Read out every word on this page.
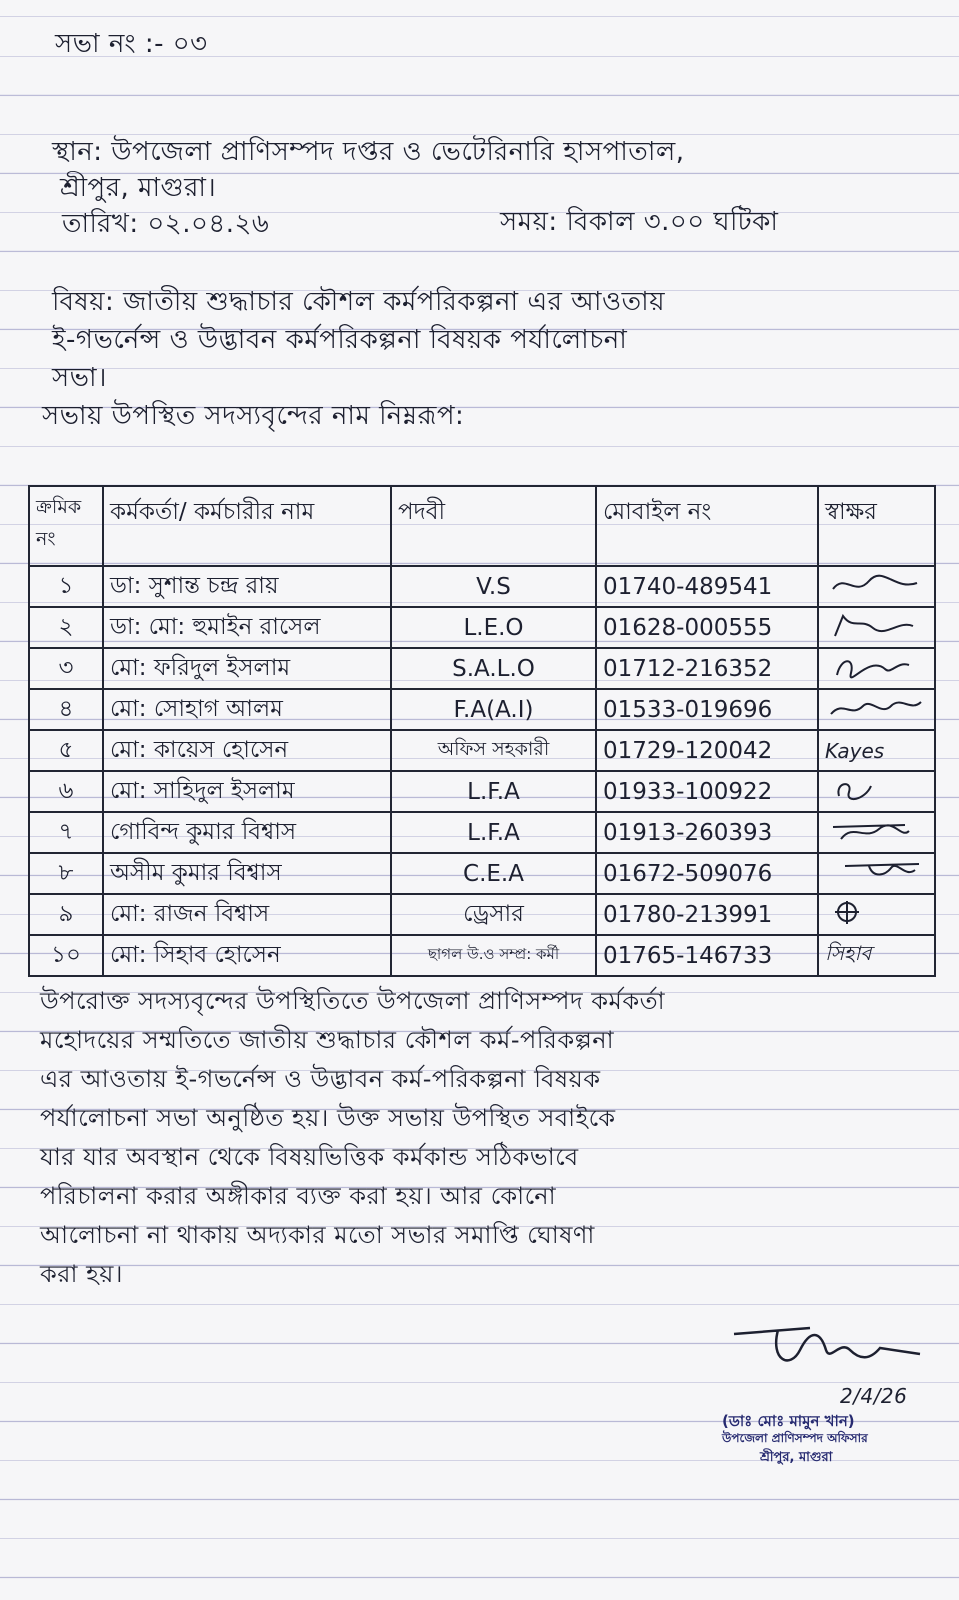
সভা নং :- ০৩
স্থান: উপজেলা প্রাণিসম্পদ দপ্তর ও ভেটেরিনারি হাসপাতাল,
শ্রীপুর, মাগুরা।
তারিখ: ০২.০৪.২৬	সময়: বিকাল ৩.০০ ঘটিকা
বিষয়: জাতীয় শুদ্ধাচার কৌশল কর্মপরিকল্পনা এর আওতায়
ই-গভর্নেন্স ও উদ্ভাবন কর্মপরিকল্পনা বিষয়ক পর্যালোচনা
সভা।
সভায় উপস্থিত সদস্যবৃন্দের নাম নিম্নরূপ:
ক্রমিক নং	কর্মকর্তা/ কর্মচারীর নাম	পদবী	মোবাইল নং	স্বাক্ষর
১	ডা: সুশান্ত চন্দ্র রায়	V.S	01740-489541	
২	ডা: মো: হুমাইন রাসেল	L.E.O	01628-000555	
৩	মো: ফরিদুল ইসলাম	S.A.L.O	01712-216352	
৪	মো: সোহাগ আলম	F.A(A.I)	01533-019696	
৫	মো: কায়েস হোসেন	অফিস সহকারী	01729-120042	Kayes
৬	মো: সাহিদুল ইসলাম	L.F.A	01933-100922	
৭	গোবিন্দ কুমার বিশ্বাস	L.F.A	01913-260393	
৮	অসীম কুমার বিশ্বাস	C.E.A	01672-509076	
৯	মো: রাজন বিশ্বাস	ড্রেসার	01780-213991	
১০	মো: সিহাব হোসেন	ছাগল উ.ও সম্প্র: কর্মী	01765-146733	সিহাব
উপরোক্ত সদস্যবৃন্দের উপস্থিতিতে উপজেলা প্রাণিসম্পদ কর্মকর্তা
মহোদয়ের সম্মতিতে জাতীয় শুদ্ধাচার কৌশল কর্ম-পরিকল্পনা
এর আওতায় ই-গভর্নেন্স ও উদ্ভাবন কর্ম-পরিকল্পনা বিষয়ক
পর্যালোচনা সভা অনুষ্ঠিত হয়। উক্ত সভায় উপস্থিত সবাইকে
যার যার অবস্থান থেকে বিষয়ভিত্তিক কর্মকান্ড সঠিকভাবে
পরিচালনা করার অঙ্গীকার ব্যক্ত করা হয়। আর কোনো
আলোচনা না থাকায় অদ্যকার মতো সভার সমাপ্তি ঘোষণা
করা হয়।
2/4/26
(ডাঃ মোঃ মামুন খান)
উপজেলা প্রাণিসম্পদ অফিসার
শ্রীপুর, মাগুরা
